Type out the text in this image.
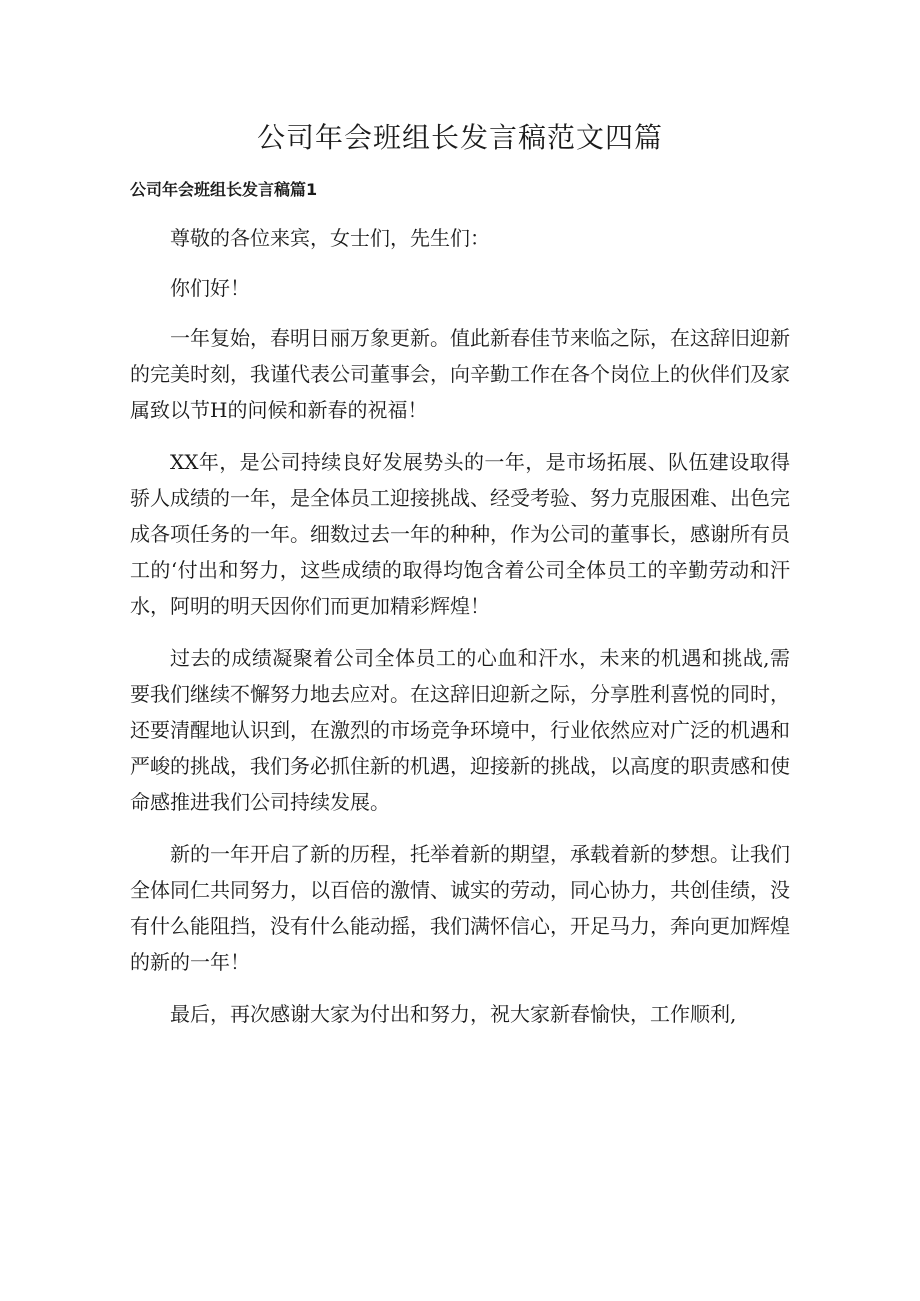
公司年会班组长发言稿范文四篇
公司年会班组长发言稿篇1

尊敬的各位来宾，女士们，先生们：

你们好！

一年复始，春明日丽万象更新。值此新春佳节来临之际，在这辞旧迎新的完美时刻，我谨代表公司董事会，向辛勤工作在各个岗位上的伙伴们及家属致以节H的问候和新春的祝福！

XX年，是公司持续良好发展势头的一年，是市场拓展、队伍建设取得骄人成绩的一年，是全体员工迎接挑战、经受考验、努力克服困难、出色完成各项任务的一年。细数过去一年的种种，作为公司的董事长，感谢所有员工的‘付出和努力，这些成绩的取得均饱含着公司全体员工的辛勤劳动和汗水，阿明的明天因你们而更加精彩辉煌！

过去的成绩凝聚着公司全体员工的心血和汗水，未来的机遇和挑战,需要我们继续不懈努力地去应对。在这辞旧迎新之际，分享胜利喜悦的同时，还要清醒地认识到，在激烈的市场竞争环境中，行业依然应对广泛的机遇和严峻的挑战，我们务必抓住新的机遇，迎接新的挑战，以高度的职责感和使命感推进我们公司持续发展。

新的一年开启了新的历程，托举着新的期望，承载着新的梦想。让我们全体同仁共同努力，以百倍的激情、诚实的劳动，同心协力，共创佳绩，没有什么能阻挡，没有什么能动摇，我们满怀信心，开足马力，奔向更加辉煌的新的一年！

最后，再次感谢大家为付出和努力，祝大家新春愉快，工作顺利,
